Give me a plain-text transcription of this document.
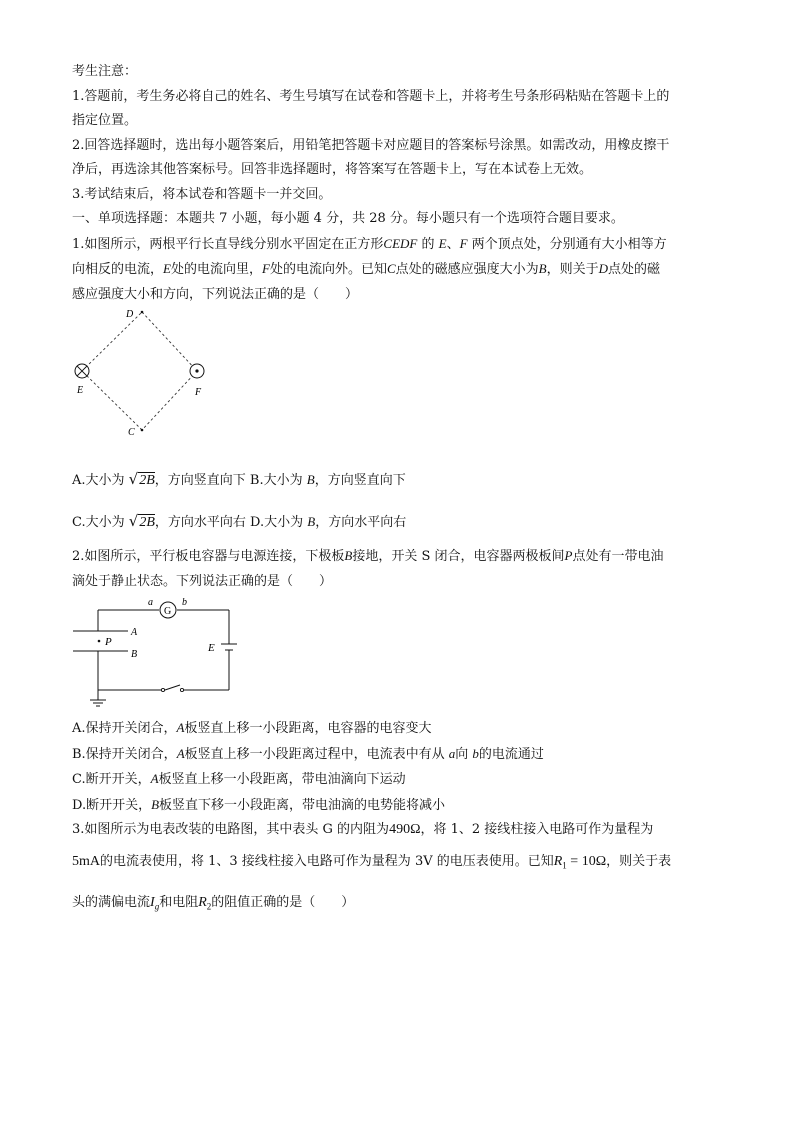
考生注意：
1.答题前，考生务必将自己的姓名、考生号填写在试卷和答题卡上，并将考生号条形码粘贴在答题卡上的
指定位置。
2.回答选择题时，选出每小题答案后，用铅笔把答题卡对应题目的答案标号涂黑。如需改动，用橡皮擦干
净后，再选涂其他答案标号。回答非选择题时，将答案写在答题卡上，写在本试卷上无效。
3.考试结束后，将本试卷和答题卡一并交回。
一、单项选择题：本题共 7 小题，每小题 4 分，共 28 分。每小题只有一个选项符合题目要求。
1.如图所示，两根平行长直导线分别水平固定在正方形CEDF 的 E、F 两个顶点处，分别通有大小相等方
向相反的电流，E处的电流向里，F处的电流向外。已知C点处的磁感应强度大小为B，则关于D点处的磁
感应强度大小和方向，下列说法正确的是（　　）
D
E	F
C
A.大小为 √2B，方向竖直向下 B.大小为 B，方向竖直向下
C.大小为 √2B，方向水平向右 D.大小为 B，方向水平向右
2.如图所示，平行板电容器与电源连接，下极板B接地，开关 S 闭合，电容器两极板间P点处有一带电油
滴处于静止状态。下列说法正确的是（　　）
G
a	b
A
P
B
E
A.保持开关闭合，A板竖直上移一小段距离，电容器的电容变大
B.保持开关闭合，A板竖直上移一小段距离过程中，电流表中有从 a向 b的电流通过
C.断开开关，A板竖直上移一小段距离，带电油滴向下运动
D.断开开关，B板竖直下移一小段距离，带电油滴的电势能将减小
3.如图所示为电表改装的电路图，其中表头 G 的内阻为490Ω，将 1、2 接线柱接入电路可作为量程为
5mA的电流表使用，将 1、3 接线柱接入电路可作为量程为 3V 的电压表使用。已知$R_1 = 10\Omega$，则关于表
头的满偏电流$I_g$和电阻$R_2$的阻值正确的是（　　）
